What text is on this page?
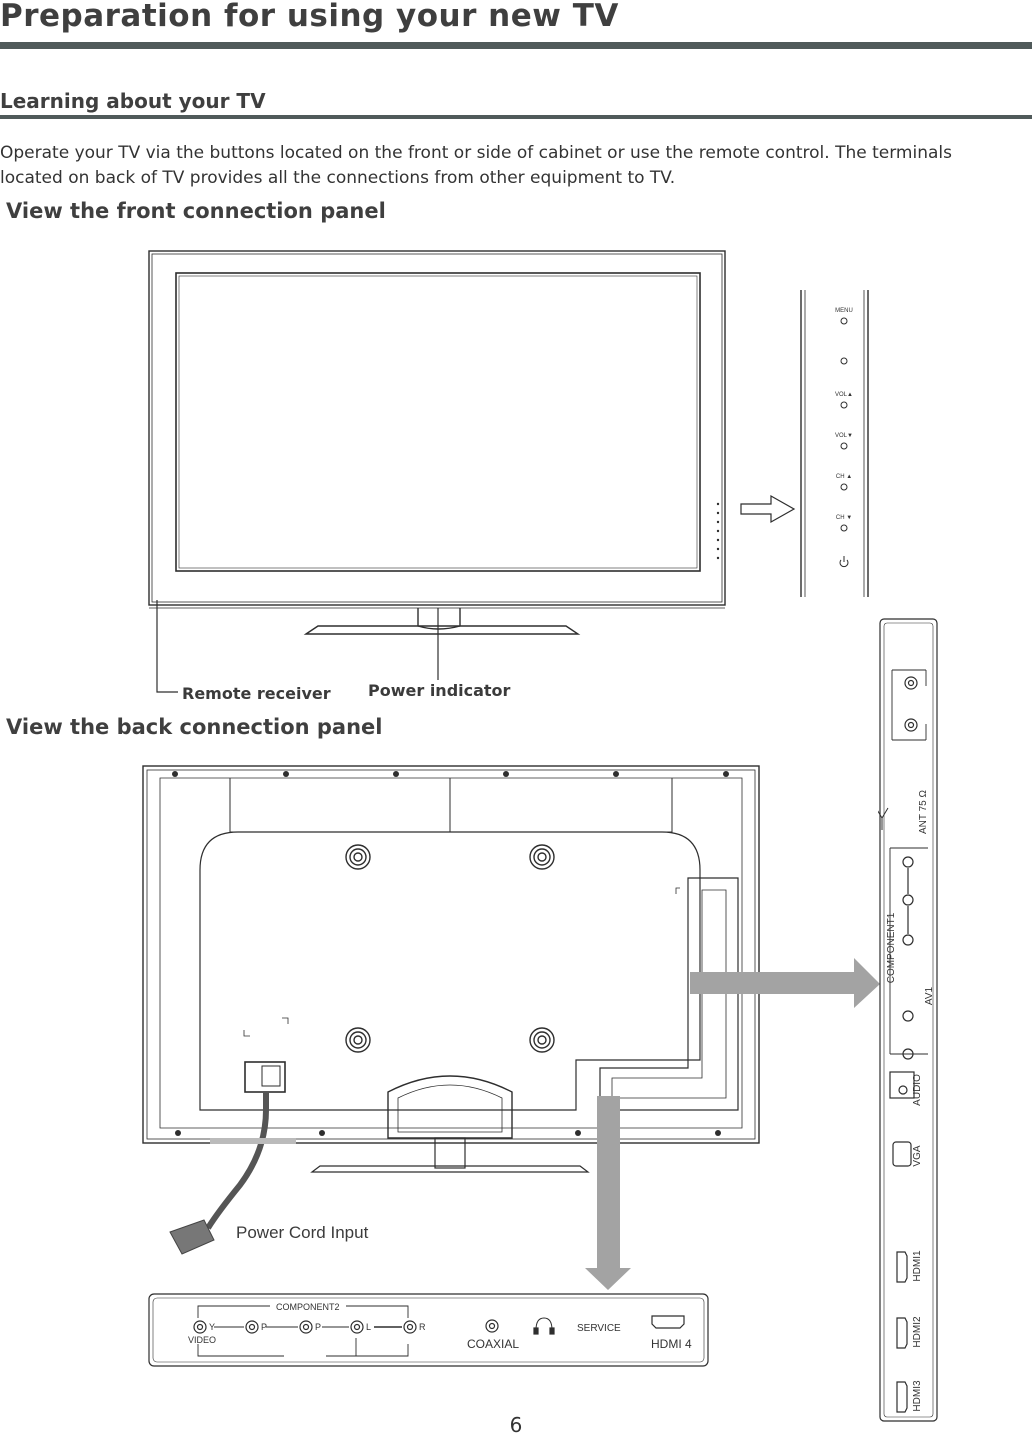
Preparation for using your new TV
Learning about your TV
Operate your TV via the buttons located on the front or side of cabinet or use the remote control. The terminals located on back of TV provides all the connections from other equipment to TV.
View the front connection panel
View the back connection panel
MENU
VOL▲
VOL▼
CH ▲
CH ▼
Remote receiver Power indicator
Power Cord Input
ANT 75 Ω
COMPONENT1
AV1
AUDIO
VGA
HDMI1
HDMI2
HDMI3
COMPONENT2
VIDEO
Y	P	P	L	R	SERVICE
COAXIAL	HDMI 4
6
